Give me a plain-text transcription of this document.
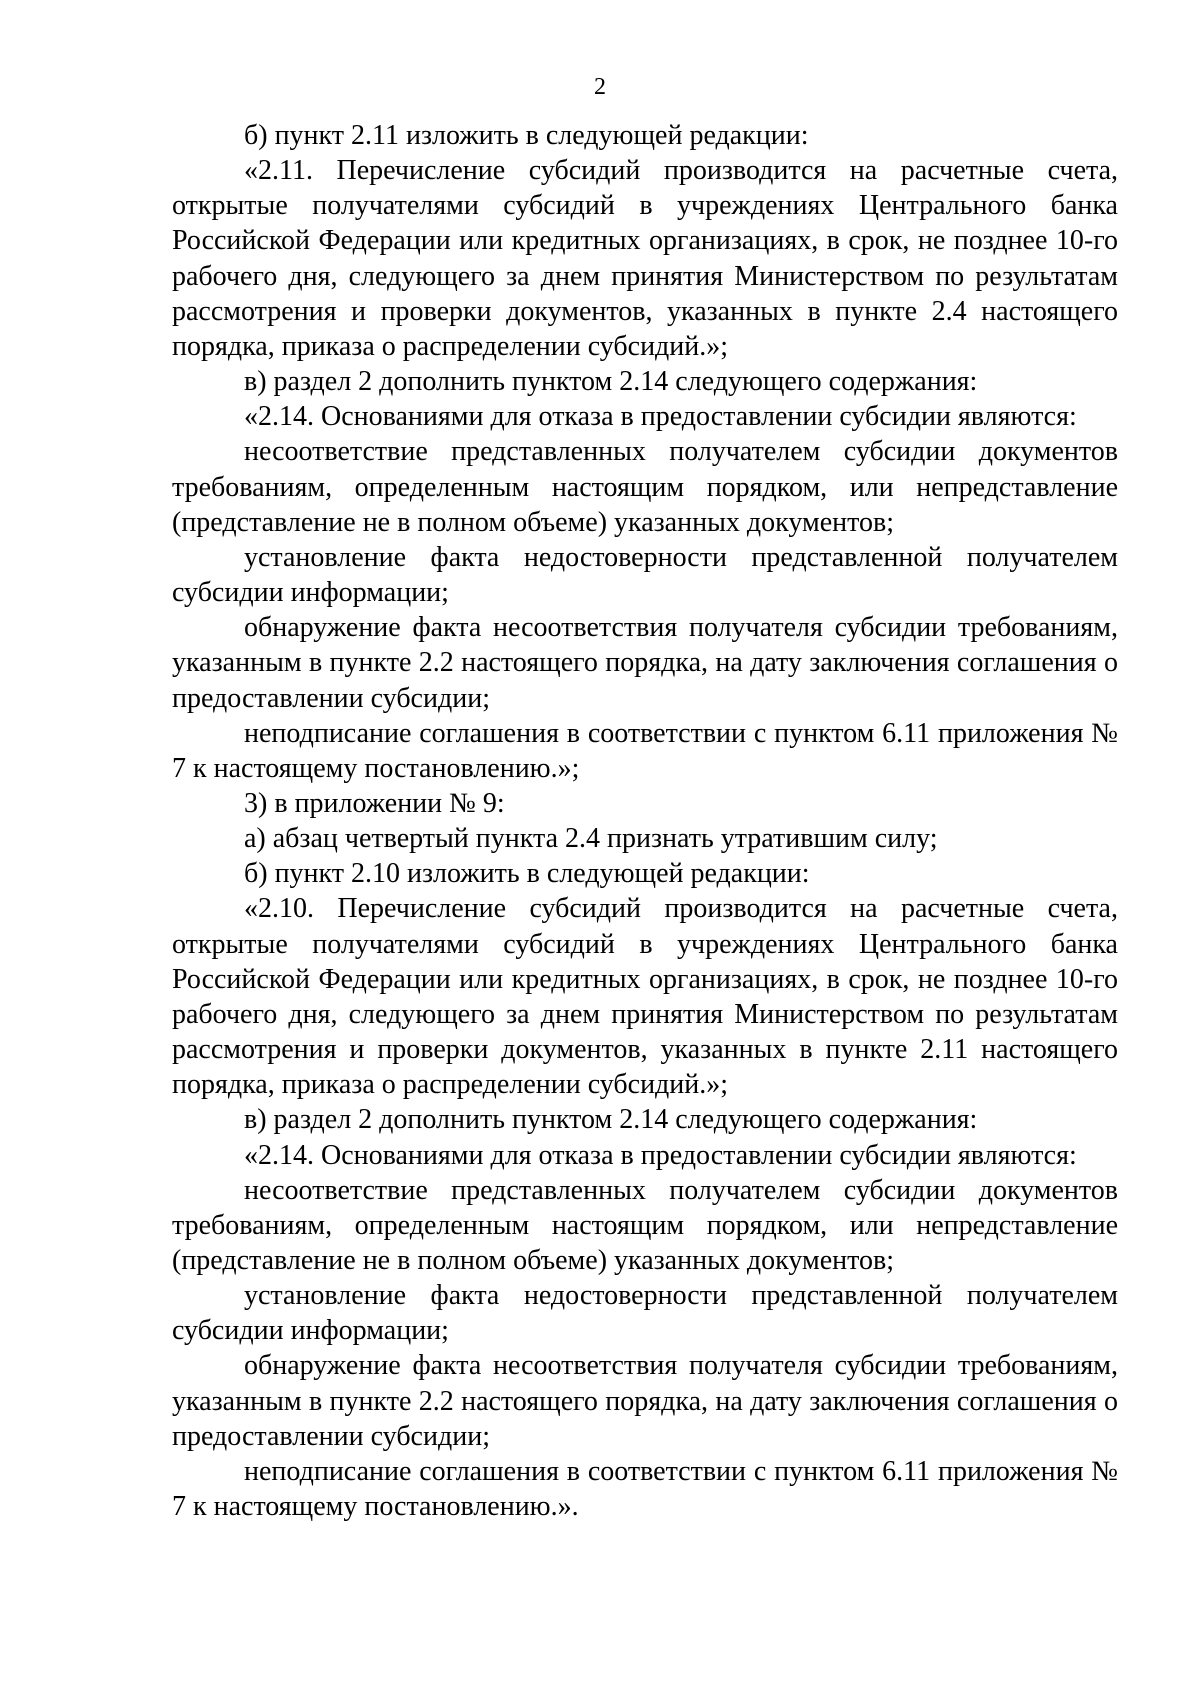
2

б) пункт 2.11 изложить в следующей редакции:

«2.11. Перечисление субсидий производится на расчетные счета, открытые получателями субсидий в учреждениях Центрального банка Российской Федерации или кредитных организациях, в срок, не позднее 10-го рабочего дня, следующего за днем принятия Министерством по результатам рассмотрения и проверки документов, указанных в пункте 2.4 настоящего порядка, приказа о распределении субсидий.»;

в) раздел 2 дополнить пунктом 2.14 следующего содержания:

«2.14. Основаниями для отказа в предоставлении субсидии являются:

несоответствие представленных получателем субсидии документов требованиям, определенным настоящим порядком, или непредставление (представление не в полном объеме) указанных документов;

установление факта недостоверности представленной получателем субсидии информации;

обнаружение факта несоответствия получателя субсидии требованиям, указанным в пункте 2.2 настоящего порядка, на дату заключения соглашения о предоставлении субсидии;

неподписание соглашения в соответствии с пунктом 6.11 приложения № 7 к настоящему постановлению.»;

3) в приложении № 9:

а) абзац четвертый пункта 2.4 признать утратившим силу;

б) пункт 2.10 изложить в следующей редакции:

«2.10. Перечисление субсидий производится на расчетные счета, открытые получателями субсидий в учреждениях Центрального банка Российской Федерации или кредитных организациях, в срок, не позднее 10-го рабочего дня, следующего за днем принятия Министерством по результатам рассмотрения и проверки документов, указанных в пункте 2.11 настоящего порядка, приказа о распределении субсидий.»;

в) раздел 2 дополнить пунктом 2.14 следующего содержания:

«2.14. Основаниями для отказа в предоставлении субсидии являются:

несоответствие представленных получателем субсидии документов требованиям, определенным настоящим порядком, или непредставление (представление не в полном объеме) указанных документов;

установление факта недостоверности представленной получателем субсидии информации;

обнаружение факта несоответствия получателя субсидии требованиям, указанным в пункте 2.2 настоящего порядка, на дату заключения соглашения о предоставлении субсидии;

неподписание соглашения в соответствии с пунктом 6.11 приложения № 7 к настоящему постановлению.».
